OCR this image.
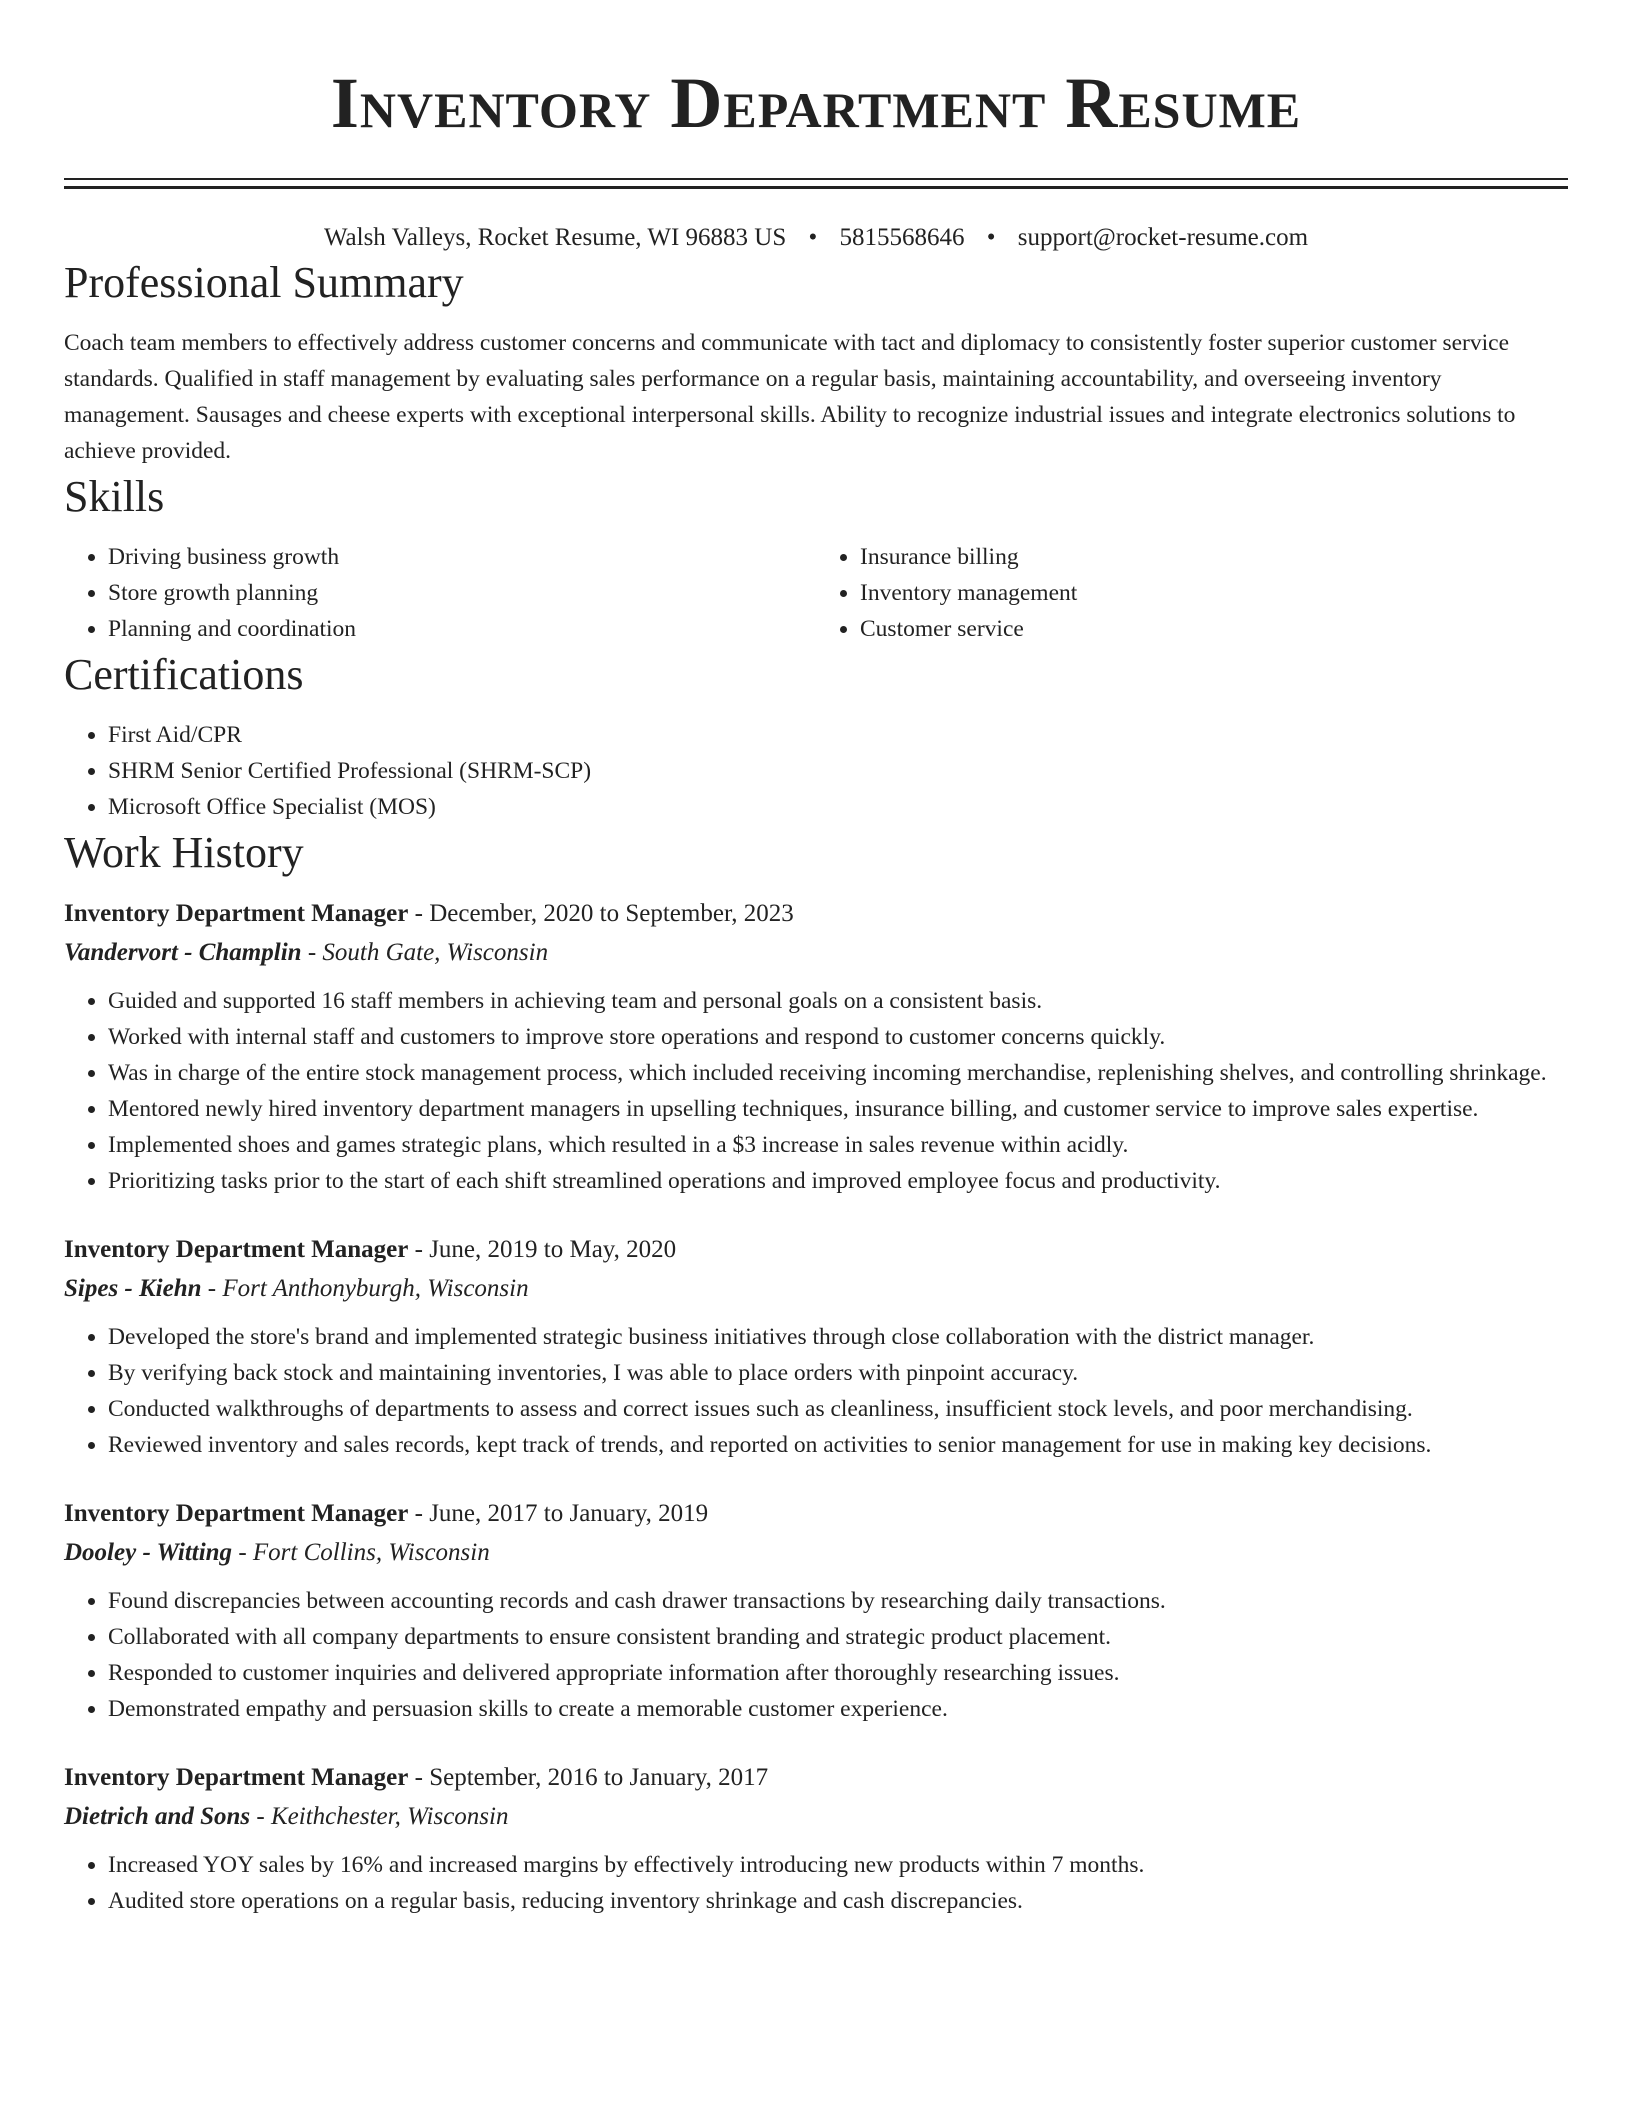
Inventory Department Resume
Walsh Valleys, Rocket Resume, WI 96883 US • 5815568646 • support@rocket-resume.com
Professional Summary

Coach team members to effectively address customer concerns and communicate with tact and diplomacy to consistently foster superior customer service standards. Qualified in staff management by evaluating sales performance on a regular basis, maintaining accountability, and overseeing inventory management. Sausages and cheese experts with exceptional interpersonal skills. Ability to recognize industrial issues and integrate electronics solutions to achieve provided.

Skills
• Driving business growth
• Store growth planning
• Planning and coordination
• Insurance billing
• Inventory management
• Customer service
Certifications
• First Aid/CPR
• SHRM Senior Certified Professional (SHRM-SCP)
• Microsoft Office Specialist (MOS)
Work History
Inventory Department Manager - December, 2020 to September, 2023
Vandervort - Champlin - South Gate, Wisconsin
• Guided and supported 16 staff members in achieving team and personal goals on a consistent basis.
• Worked with internal staff and customers to improve store operations and respond to customer concerns quickly.
• Was in charge of the entire stock management process, which included receiving incoming merchandise, replenishing shelves, and controlling shrinkage.
• Mentored newly hired inventory department managers in upselling techniques, insurance billing, and customer service to improve sales expertise.
• Implemented shoes and games strategic plans, which resulted in a $3 increase in sales revenue within acidly.
• Prioritizing tasks prior to the start of each shift streamlined operations and improved employee focus and productivity.
Inventory Department Manager - June, 2019 to May, 2020
Sipes - Kiehn - Fort Anthonyburgh, Wisconsin
• Developed the store's brand and implemented strategic business initiatives through close collaboration with the district manager.
• By verifying back stock and maintaining inventories, I was able to place orders with pinpoint accuracy.
• Conducted walkthroughs of departments to assess and correct issues such as cleanliness, insufficient stock levels, and poor merchandising.
• Reviewed inventory and sales records, kept track of trends, and reported on activities to senior management for use in making key decisions.
Inventory Department Manager - June, 2017 to January, 2019
Dooley - Witting - Fort Collins, Wisconsin
• Found discrepancies between accounting records and cash drawer transactions by researching daily transactions.
• Collaborated with all company departments to ensure consistent branding and strategic product placement.
• Responded to customer inquiries and delivered appropriate information after thoroughly researching issues.
• Demonstrated empathy and persuasion skills to create a memorable customer experience.
Inventory Department Manager - September, 2016 to January, 2017
Dietrich and Sons - Keithchester, Wisconsin
• Increased YOY sales by 16% and increased margins by effectively introducing new products within 7 months.
• Audited store operations on a regular basis, reducing inventory shrinkage and cash discrepancies.
